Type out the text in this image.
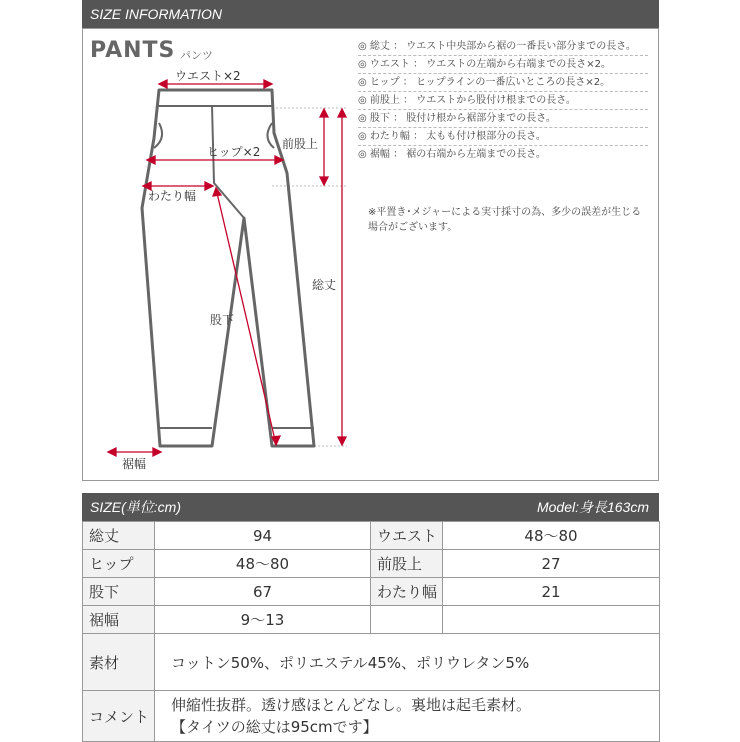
SIZE INFORMATION
PANTS パンツ
ウエスト×2
ヒップ×2
前股上
わたり幅
股下
総丈
裾幅
◎ 総丈 ： ウエスト中央部から裾の一番長い部分までの長さ。
◎ ウエスト ： ウエストの左端から右端までの長さ×2。
◎ ヒップ ： ヒップラインの一番広いところの長さ×2。
◎ 前股上 ： ウエストから股付け根までの長さ。
◎ 股下 ： 股付け根から裾部分までの長さ。
◎ わたり幅 ： 太もも付け根部分の長さ。
◎ 裾幅 ： 裾の右端から左端までの長さ。
※平置き･メジャーによる実寸採寸の為、多少の誤差が生じる場合がございます。
SIZE(単位:cm)	Model:身長163cm
総丈	94	ウエスト	48〜80
ヒップ	48〜80	前股上	27
股下	67	わたり幅	21
裾幅	9〜13		
素材	コットン50%、ポリエステル45%、ポリウレタン5%		
コメント	伸縮性抜群。透け感ほとんどなし。裏地は起毛素材。
【タイツの総丈は95cmです】		
